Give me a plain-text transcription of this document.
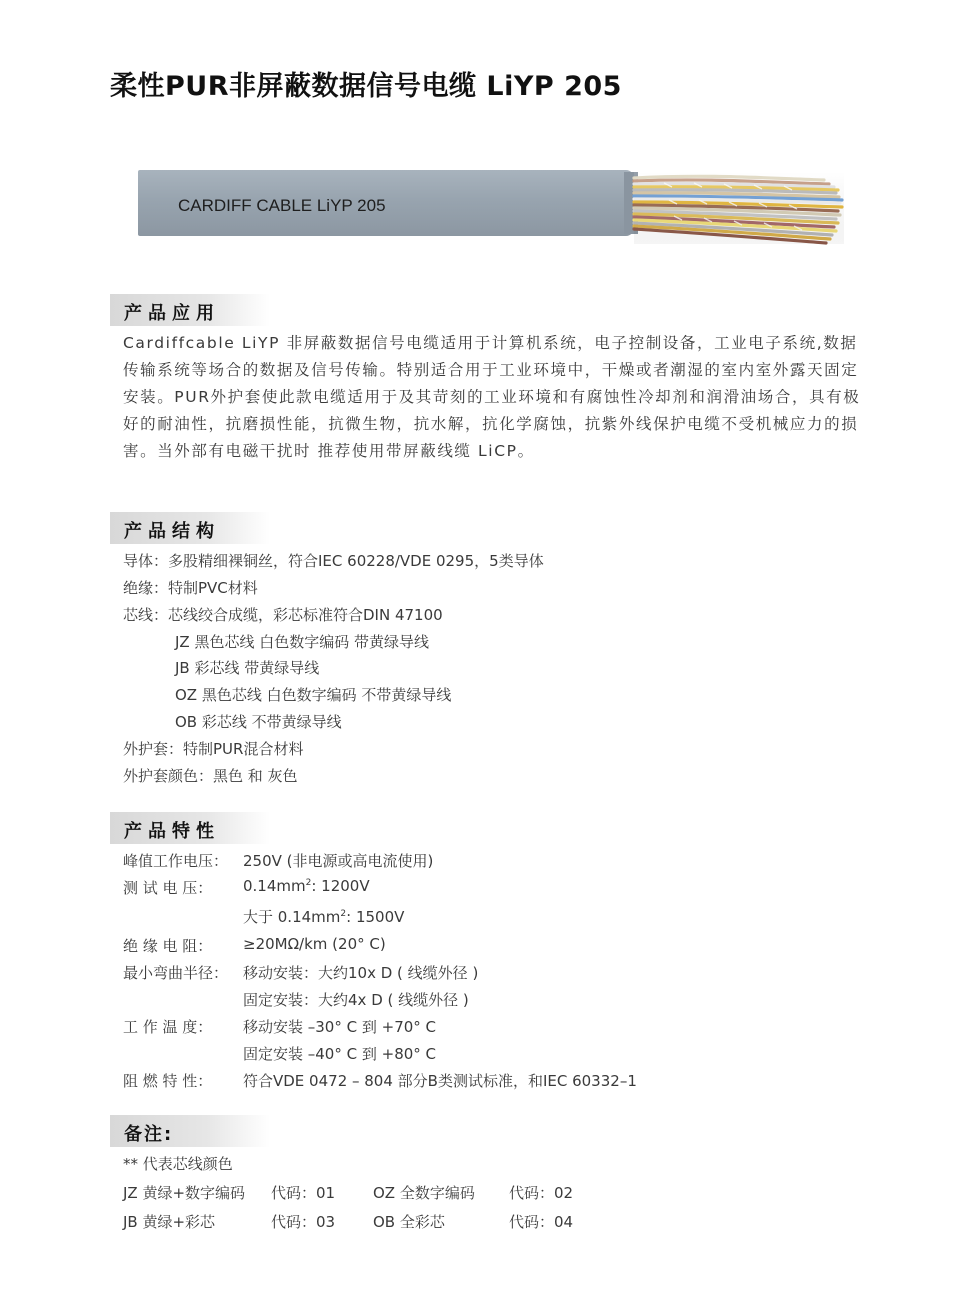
柔性PUR非屏蔽数据信号电缆 LiYP 205
CARDIFF CABLE LiYP 205
产品应用
Cardiffcable LiYP 非屏蔽数据信号电缆适用于计算机系统，电子控制设备，工业电子系统,数据传输系统等场合的数据及信号传输。特别适合用于工业环境中，干燥或者潮湿的室内室外露天固定安装。PUR外护套使此款电缆适用于及其苛刻的工业环境和有腐蚀性冷却剂和润滑油场合，具有极好的耐油性，抗磨损性能，抗微生物，抗水解，抗化学腐蚀，抗紫外线保护电缆不受机械应力的损害。当外部有电磁干扰时 推荐使用带屏蔽线缆 LiCP。
产品结构
导体：多股精细裸铜丝，符合IEC 60228/VDE 0295，5类导体
绝缘：特制PVC材料
芯线：芯线绞合成缆，彩芯标准符合DIN 47100
JZ 黑色芯线 白色数字编码 带黄绿导线
JB 彩芯线 带黄绿导线
OZ 黑色芯线 白色数字编码 不带黄绿导线
OB 彩芯线 不带黄绿导线
外护套：特制PUR混合材料
外护套颜色：黑色 和 灰色
产品特性
峰值工作电压： 250V (非电源或高电流使用)
测 试 电 压： $0.14mm^2$: 1200V
大于 $0.14mm^2$: 1500V
绝 缘 电 阻： ≥20MΩ/km (20° C)
最小弯曲半径： 移动安装：大约10x D ( 线缆外径 )
固定安装：大约4x D ( 线缆外径 )
工 作 温 度： 移动安装 –30° C 到 +70° C
固定安装 –40° C 到 +80° C
阻 燃 特 性： 符合VDE 0472 – 804 部分B类测试标准，和IEC 60332–1
备注:
** 代表芯线颜色
JZ 黄绿+数字编码 代码：01	OZ 全数字编码 代码：02
JB 黄绿+彩芯	代码：03	OB 全彩芯	代码：04
